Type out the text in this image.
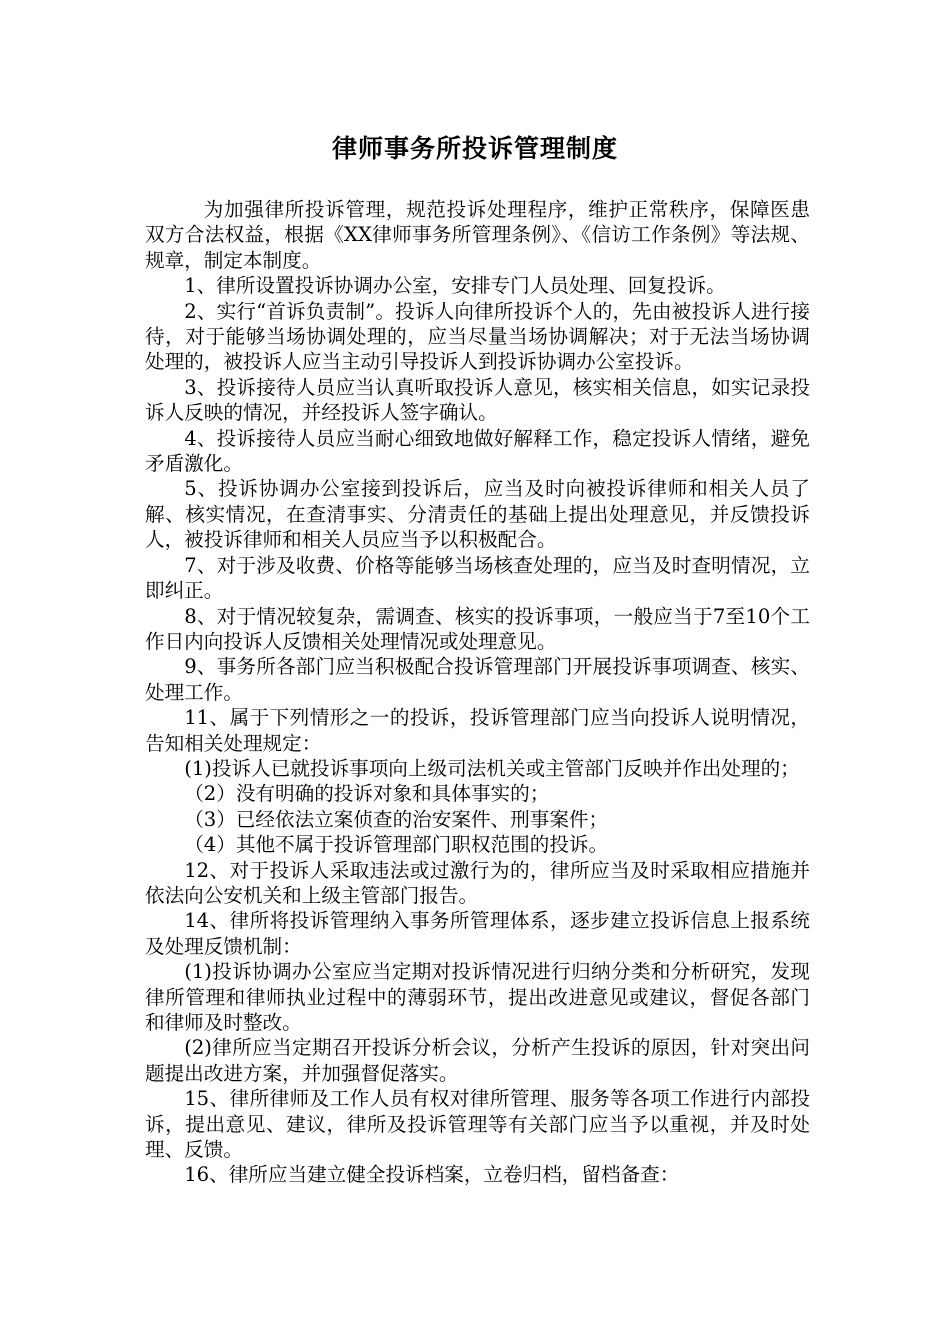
律师事务所投诉管理制度

为加强律所投诉管理，规范投诉处理程序，维护正常秩序，保障医患双方合法权益，根据《XX律师事务所管理条例》、《信访工作条例》等法规、规章，制定本制度。

1、律所设置投诉协调办公室，安排专门人员处理、回复投诉。

2、实行“首诉负责制”。投诉人向律所投诉个人的，先由被投诉人进行接待，对于能够当场协调处理的，应当尽量当场协调解决；对于无法当场协调处理的，被投诉人应当主动引导投诉人到投诉协调办公室投诉。

3、投诉接待人员应当认真听取投诉人意见，核实相关信息，如实记录投诉人反映的情况，并经投诉人签字确认。

4、投诉接待人员应当耐心细致地做好解释工作，稳定投诉人情绪，避免矛盾激化。

5、投诉协调办公室接到投诉后，应当及时向被投诉律师和相关人员了解、核实情况，在查清事实、分清责任的基础上提出处理意见，并反馈投诉人，被投诉律师和相关人员应当予以积极配合。

7、对于涉及收费、价格等能够当场核查处理的，应当及时查明情况，立即纠正。

8、对于情况较复杂，需调查、核实的投诉事项，一般应当于7至10个工作日内向投诉人反馈相关处理情况或处理意见。

9、事务所各部门应当积极配合投诉管理部门开展投诉事项调查、核实、处理工作。

11、属于下列情形之一的投诉，投诉管理部门应当向投诉人说明情况，告知相关处理规定：

(1)投诉人已就投诉事项向上级司法机关或主管部门反映并作出处理的；

（2）没有明确的投诉对象和具体事实的；

（3）已经依法立案侦查的治安案件、刑事案件；

（4）其他不属于投诉管理部门职权范围的投诉。

12、对于投诉人采取违法或过激行为的，律所应当及时采取相应措施并依法向公安机关和上级主管部门报告。

14、律所将投诉管理纳入事务所管理体系，逐步建立投诉信息上报系统及处理反馈机制：

(1)投诉协调办公室应当定期对投诉情况进行归纳分类和分析研究，发现律所管理和律师执业过程中的薄弱环节，提出改进意见或建议，督促各部门和律师及时整改。

(2)律所应当定期召开投诉分析会议，分析产生投诉的原因，针对突出问题提出改进方案，并加强督促落实。

15、律所律师及工作人员有权对律所管理、服务等各项工作进行内部投诉，提出意见、建议，律所及投诉管理等有关部门应当予以重视，并及时处理、反馈。

16、律所应当建立健全投诉档案，立卷归档，留档备查：
